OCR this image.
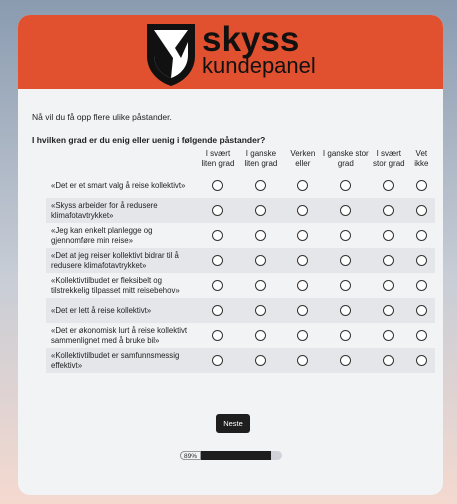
skyss
kundepanel
Nå vil du få opp flere ulike påstander.
I hvilken grad er du enig eller uenig i følgende påstander?
	I svært liten grad	I ganske liten grad	Verken eller	I ganske stor grad	I svært stor grad	Vet ikke
«Det er et smart valg å reise kollektivt»						
«Skyss arbeider for å redusere klimafotavtrykket»						
«Jeg kan enkelt planlegge og gjennomføre min reise»						
«Det at jeg reiser kollektivt bidrar til å redusere klimafotavtrykket»						
«Kollektivtilbudet er fleksibelt og tilstrekkelig tilpasset mitt reisebehov»						
«Det er lett å reise kollektivt»						
«Det er økonomisk lurt å reise kollektivt sammenlignet med å bruke bil»						
«Kollektivtilbudet er samfunnsmessig effektivt»						
Neste
89%
